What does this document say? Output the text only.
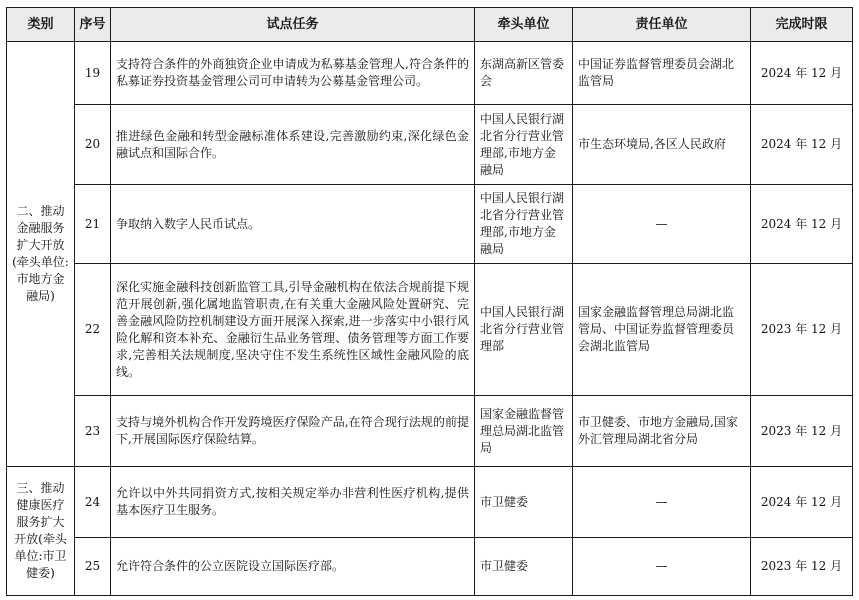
类别	序号	试点任务	牵头单位	责任单位	完成时限
二、推动金融服务扩大开放(牵头单位:市地方金融局)	19	支持符合条件的外商独资企业申请成为私募基金管理人,符合条件的私募证券投资基金管理公司可申请转为公募基金管理公司。	东湖高新区管委会	中国证券监督管理委员会湖北监管局	2024 年 12 月
	20	推进绿色金融和转型金融标准体系建设,完善激励约束,深化绿色金融试点和国际合作。	中国人民银行湖北省分行营业管理部,市地方金融局	市生态环境局,各区人民政府	2024 年 12 月
	21	争取纳入数字人民币试点。	中国人民银行湖北省分行营业管理部,市地方金融局	—	2024 年 12 月
	22	深化实施金融科技创新监管工具,引导金融机构在依法合规前提下规范开展创新,强化属地监管职责,在有关重大金融风险处置研究、完善金融风险防控机制建设方面开展深入探索,进一步落实中小银行风险化解和资本补充、金融衍生品业务管理、债务管理等方面工作要求,完善相关法规制度,坚决守住不发生系统性区域性金融风险的底线。	中国人民银行湖北省分行营业管理部	国家金融监督管理总局湖北监管局、中国证券监督管理委员会湖北监管局	2023 年 12 月
	23	支持与境外机构合作开发跨境医疗保险产品,在符合现行法规的前提下,开展国际医疗保险结算。	国家金融监督管理总局湖北监管局	市卫健委、市地方金融局,国家外汇管理局湖北省分局	2023 年 12 月
三、推动健康医疗服务扩大开放(牵头单位:市卫健委)	24	允许以中外共同捐资方式,按相关规定举办非营利性医疗机构,提供基本医疗卫生服务。	市卫健委	—	2024 年 12 月
	25	允许符合条件的公立医院设立国际医疗部。	市卫健委	—	2023 年 12 月
